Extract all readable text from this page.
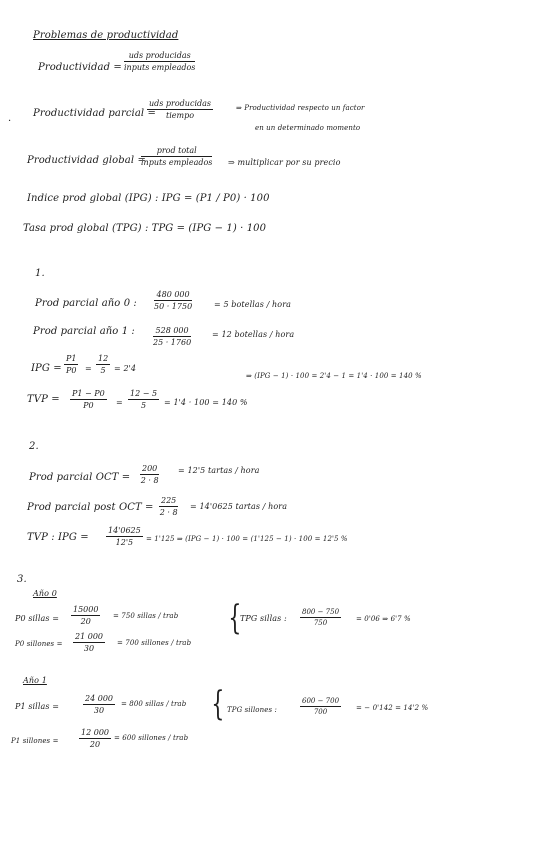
Problemas de productividad
Productividad =
uds producidas
inputs empleados
Productividad parcial =
uds producidas
tiempo
⇒ Productividad respecto un factor
en un determinado momento
Productividad global =
prod total
inputs empleados ⇒ multiplicar por su precio
Indice prod global (IPG) : IPG = (P1 / P0) · 100
Tasa prod global (TPG) : TPG = (IPG − 1) · 100
1.
Prod parcial año 0 : $\frac{480 000}{50 \cdot 1750}$	= 5 botellas / hora
Prod parcial año 1 : $\frac{528 000}{25 \cdot 1760}$	= 12 botellas / hora
IPG = $\frac{P1}{P0} = \frac{12}{5} = 2'4$
⇒ (IPG − 1) · 100 = 2'4 − 1 = 1'4 · 100 = 140 %
TVP = $\frac{P1 - P0}{P0} = \frac{12 - 5}{5} = 1'4 \cdot 100 = 140$ %
2.
Prod parcial OCT = $\frac{200}{2 \cdot 8} = 12'5$ tartas / hora
Prod parcial post OCT = $\frac{225}{2 \cdot 8} = 14'0625$ tartas / hora
TVP : IPG = $\frac{14'0625}{12'5} = 1'125$ ⇒ (IPG − 1) · 100 = (1'125 − 1) · 100 = 12'5 %
3.
Año 0
P0 sillas = $\frac{15000}{20} = 750$ sillas / trab
P0 sillones = $\frac{21 000}{30} = 700$ sillones / trab
{
TPG sillas : $\frac{800 - 750}{750} = 0'06$ ⇒ 6'7 %
Año 1
P1 sillas =	$\frac{24 000}{30} = 800$ sillas / trab { TPG sillones :	$\frac{600 - 700}{700}$ = − 0'142 = 14'2 %
P1 sillones =	$\frac{12 000}{20} = 600$ sillones / trab
·
